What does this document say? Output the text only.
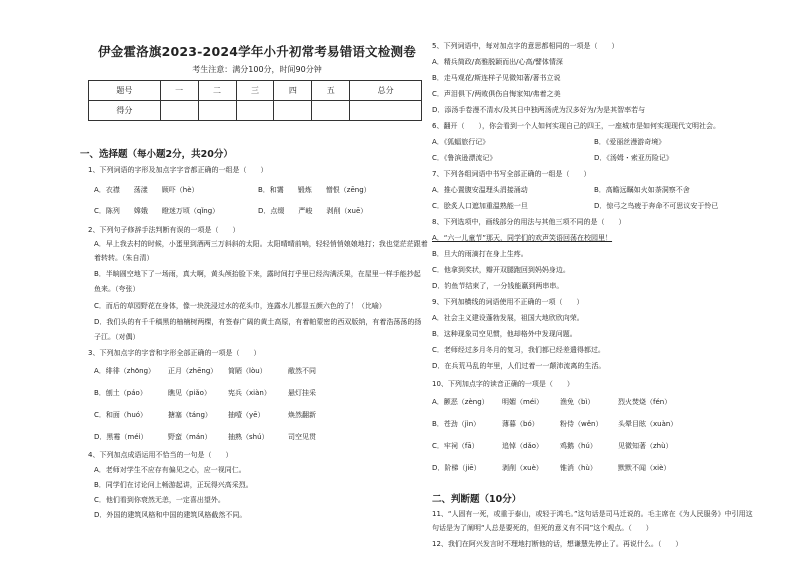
伊金霍洛旗2023-2024学年小升初常考易错语文检测卷
考生注意：满分100分，时间90分钟
题号	一	二	三	四	五	总分
得分						
一、选择题（每小题2分，共20分）
1、下列词语的字形及加点字字音都正确的一组是（　　）
A．衣襟　　荡漾　　顾吓（hè）	B．和霭　　锻炼　　憎恨（zēng）
C．陈列　　嫦娥　　瞪迷万顷（qǐng）	D．点缀　　严峻　　剥削（xuē）
2、下列句子修辞手法判断有误的一项是（　　）
A．早上我去村的时候，小蛋里到酒两三万斜斜的太阳。太阳晴晴前响，轻轻悄悄娘娘地打；我也觉茫茫跟着
着转转。（朱自清）
B．半晌圆空地下了一场雨，真大啊，黄头颅抬脸下来，露时间打乎里已经沟满沃果，在屋里一样手能抄起
鱼来。（夸张）
C．而后的草园野花在身体，像一块洗浸过水的花头巾，连露水儿都显五颜六色的了！（比喻）
D．我们头的有千千稿黑的柚楠树两棵，有签春广阔的黄土高原，有着帕蒙密的西双版纳，有着浩荡荡的扬
子江。（对偶）
3、下列加点字的字音和字形全部正确的一项是（　　）
A．绯徘（zhōng） 正月（zhēng） 简陋（lòu）	敝然不同
B．刨土（páo）	瞧见（piǎo） 宪兵（xiàn） 悬灯挂采
C．和面（huó）	搪塞（táng） 抽噎（yē）	焕然翻新
D．黑霉（méi）	野蛮（mán） 抽熟（shú）	司空见贯
4、下列加点成语运用不恰当的一句是（　　）
A．老师对学生不应存有偏见之心，应一视同仁。
B．同学们在讨论问上畅游起讲，正玩得兴高采烈。
C．他们看到你衰然无恙，一定喜出望外。
D．外国的建筑风格和中国的建筑风格截然不同。
5、下列词语中，每对加点字的意思都相同的一项是（　　）
A．精兵简政/高雅脱颖而出/心高/譬体情深
B．走马观花/斯连样子见微知著/著书立说
C．声泪俱下/两败俱伤自悔家知/弗着之美
D．添汤手卷漫不清水/及其日中独两汤虎为汉多好为/为是其智率若与
6、翻开（　　），你会看到一个人如何实现自己的四王，一座城市是如何实现现代文明社会。
A．《狐蝠旅行记》	B．《爱丽丝漫游奇境》
C．《鲁滨逊漂流记》	D．《汤姆・索亚历险记》
7、下列各组词语中书写全部正确的一组是（　　）
A．推心置腹安温理头涓接涌动	B．高瞻远瞩如火如荼洞察不舍
C．脍炙人口遮加重温熟能一旦	D．惊弓之鸟疲于奔命不可思议安于怜已
8、下列选项中，画线部分的用法与其他三项不同的是（　　）
A．“六一儿童节”那天，同学们的欢声笑语回荡在校园里！
B．旦大的雨滴打在身上生疼。
C．他拿到奖状，瓣开双腿跑回到妈妈身边。
D．钓鱼节结束了，一分钱能赢到两串串。
9、下列加横线的词语使用不正确的一项（　　）
A．社会主义建设蓬勃发展，祖国大地欣欣向荣。
B．这种现象司空见惯，他却格外中发现问题。
C．老师经过多月冬月的复习，我们都已经差遣得都过。
D．在兵荒马乱的年里，人们过着一一颠沛流离的生活。
10、下列加点字的读音正确的一项是（　　）
A．颤恶（zèng） 明媚（méi） 渔免（bì）	烈火焚烧（fén）
B．苍劲（jìn）	薄暮（bó）	粉侍（wěn） 头晕目眩（xuàn）
C．牢祠（fā）	追悼（dǎo） 鸡鹅（hú）	见微知著（zhù）
D．阶梯（jiē）	剥削（xuè） 锥消（hù）	默默不闻（xiè）
二、判断题（10分）
11、“人固有一死，或重于泰山，或轻于鸿毛。”这句话是司马迁说的。毛主席在《为人民服务》中引用这
句话是为了阐明“人总是要死的，但死的意义有不同”这个观点。（　　）
12、我们在阿兴发言时不理地打断他的话，想谦慧先停止了。再说什么。（　　）
